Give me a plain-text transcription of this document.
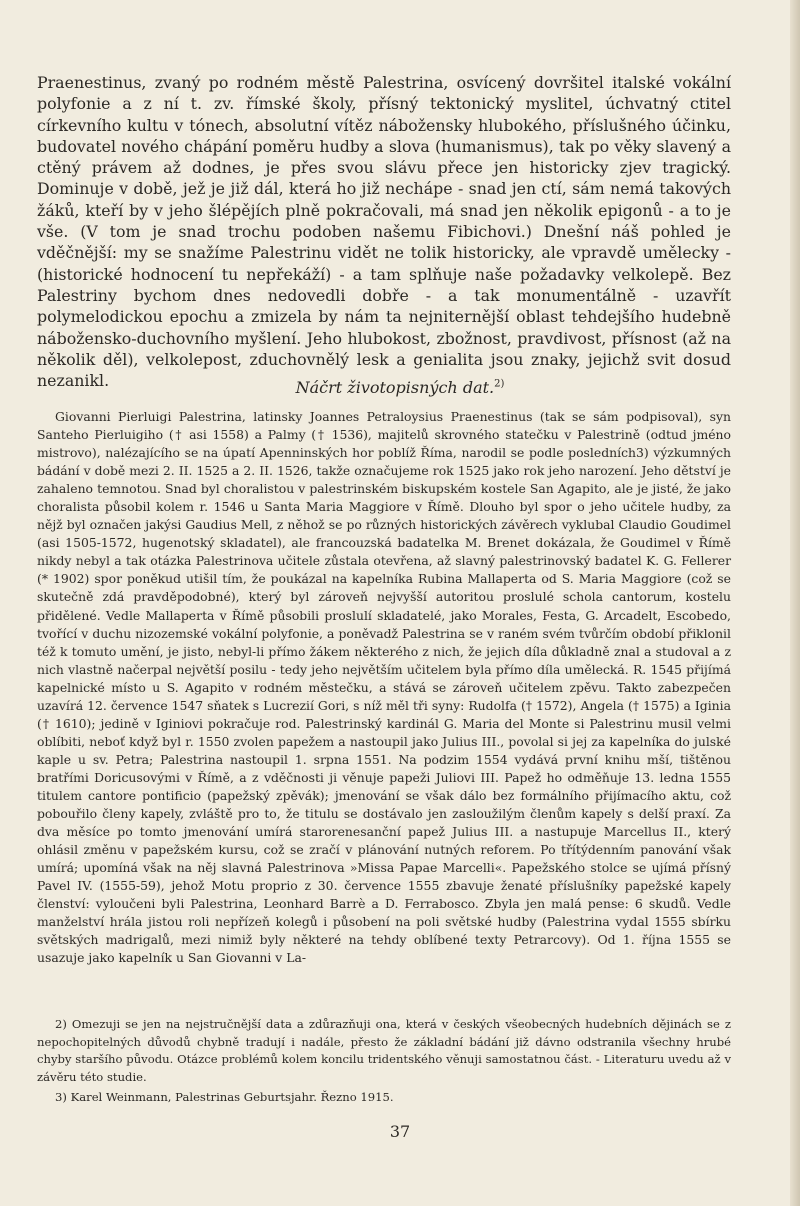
Praenestinus, zvaný po rodném městě Palestrina, osvícený dovršitel italské vokální polyfonie a z ní t. zv. římské školy, přísný tektonický myslitel, úchvatný ctitel církevního kultu v tónech, absolutní vítěz nábožensky hlubokého, příslušného účinku, budovatel nového chápání poměru hudby a slova (humanismus), tak po věky slavený a ctěný právem až dodnes, je přes svou slávu přece jen historicky zjev tragický. Dominuje v době, jež je již dál, která ho již nechápe - snad jen ctí, sám nemá takových žáků, kteří by v jeho šlépějích plně pokračovali, má snad jen několik epigonů - a to je vše. (V tom je snad trochu podoben našemu Fibichovi.) Dnešní náš pohled je vděčnější: my se snažíme Palestrinu vidět ne tolik historicky, ale vpravdě umělecky - (historické hodnocení tu nepřekáží) - a tam splňuje naše požadavky velkolepě. Bez Palestriny bychom dnes nedovedli dobře - a tak monumentálně - uzavřít polymelodickou epochu a zmizela by nám ta nejniternější oblast tehdejšího hudebně nábožensko-duchovního myšlení. Jeho hlubokost, zbožnost, pravdivost, přísnost (až na několik děl), velkolepost, zduchovnělý lesk a genialita jsou znaky, jejichž svit dosud nezanikl.	Náčrt životopisných dat.$^{2)}$

Giovanni Pierluigi Palestrina, latinsky Joannes Petraloysius Praenestinus (tak se sám podpisoval), syn Santeho Pierluigiho († asi 1558) a Palmy († 1536), majitelů skrovného statečku v Palestrině (odtud jméno mistrovo), nalézajícího se na úpatí Apenninských hor poblíž Říma, narodil se podle posledních3) výzkumných bádání v době mezi 2. II. 1525 a 2. II. 1526, takže označujeme rok 1525 jako rok jeho narození. Jeho dětství je zahaleno temnotou. Snad byl choralistou v palestrinském biskupském kostele San Agapito, ale je jisté, že jako choralista působil kolem r. 1546 u Santa Maria Maggiore v Římě. Dlouho byl spor o jeho učitele hudby, za nějž byl označen jakýsi Gaudius Mell, z něhož se po různých historických závěrech vyklubal Claudio Goudimel (asi 1505-1572, hugenotský skladatel), ale francouzská badatelka M. Brenet dokázala, že Goudimel v Římě nikdy nebyl a tak otázka Palestrinova učitele zůstala otevřena, až slavný palestrinovský badatel K. G. Fellerer (* 1902) spor poněkud utišil tím, že poukázal na kapelníka Rubina Mallaperta od S. Maria Maggiore (což se skutečně zdá pravděpodobné), který byl zároveň nejvyšší autoritou proslulé schola cantorum, kostelu přidělené. Vedle Mallaperta v Římě působili proslulí skladatelé, jako Morales, Festa, G. Arcadelt, Escobedo, tvořící v duchu nizozemské vokální polyfonie, a poněvadž Palestrina se v raném svém tvůrčím období přiklonil též k tomuto umění, je jisto, nebyl-li přímo žákem některého z nich, že jejich díla důkladně znal a studoval a z nich vlastně načerpal největší posilu - tedy jeho největším učitelem byla přímo díla umělecká. R. 1545 přijímá kapelnické místo u S. Agapito v rodném městečku, a stává se zároveň učitelem zpěvu. Takto zabezpečen uzavírá 12. července 1547 sňatek s Lucrezií Gori, s níž měl tři syny: Rudolfa († 1572), Angela († 1575) a Iginia († 1610); jedině v Iginiovi pokračuje rod. Palestrinský kardinál G. Maria del Monte si Palestrinu musil velmi oblíbiti, neboť když byl r. 1550 zvolen papežem a nastoupil jako Julius III., povolal si jej za kapelníka do julské kaple u sv. Petra; Palestrina nastoupil 1. srpna 1551. Na podzim 1554 vydává první knihu mší, tištěnou bratřími Doricusovými v Římě, a z vděčnosti ji věnuje papeži Juliovi III. Papež ho odměňuje 13. ledna 1555 titulem cantore pontificio (papežský zpěvák); jmenování se však dálo bez formálního přijímacího aktu, což pobouřilo členy kapely, zvláště pro to, že titulu se dostávalo jen zasloužilým členům kapely s delší praxí. Za dva měsíce po tomto jmenování umírá starorenesanční papež Julius III. a nastupuje Marcellus II., který ohlásil změnu v papežském kursu, což se zračí v plánování nutných reforem. Po třítýdenním panování však umírá; upomíná však na něj slavná Palestrinova »Missa Papae Marcelli«. Papežského stolce se ujímá přísný Pavel IV. (1555-59), jehož Motu proprio z 30. července 1555 zbavuje ženaté příslušníky papežské kapely členství: vyloučeni byli Palestrina, Leonhard Barrè a D. Ferrabosco. Zbyla jen malá pense: 6 skudů. Vedle manželství hrála jistou roli nepřízeň kolegů i působení na poli světské hudby (Palestrina vydal 1555 sbírku světských madrigalů, mezi nimiž byly některé na tehdy oblíbené texty Petrarcovy). Od 1. října 1555 se usazuje jako kapelník u San Giovanni v La-

2) Omezuji se jen na nejstručnější data a zdůrazňuji ona, která v českých všeobecných hudebních dějinách se z nepochopitelných důvodů chybně tradují i nadále, přesto že základní bádání již dávno odstranila všechny hrubé chyby staršího původu. Otázce problémů kolem koncilu tridentského věnuji samostatnou část. - Literaturu uvedu až v závěru této studie.

3) Karel Weinmann, Palestrinas Geburtsjahr. Řezno 1915.

37
